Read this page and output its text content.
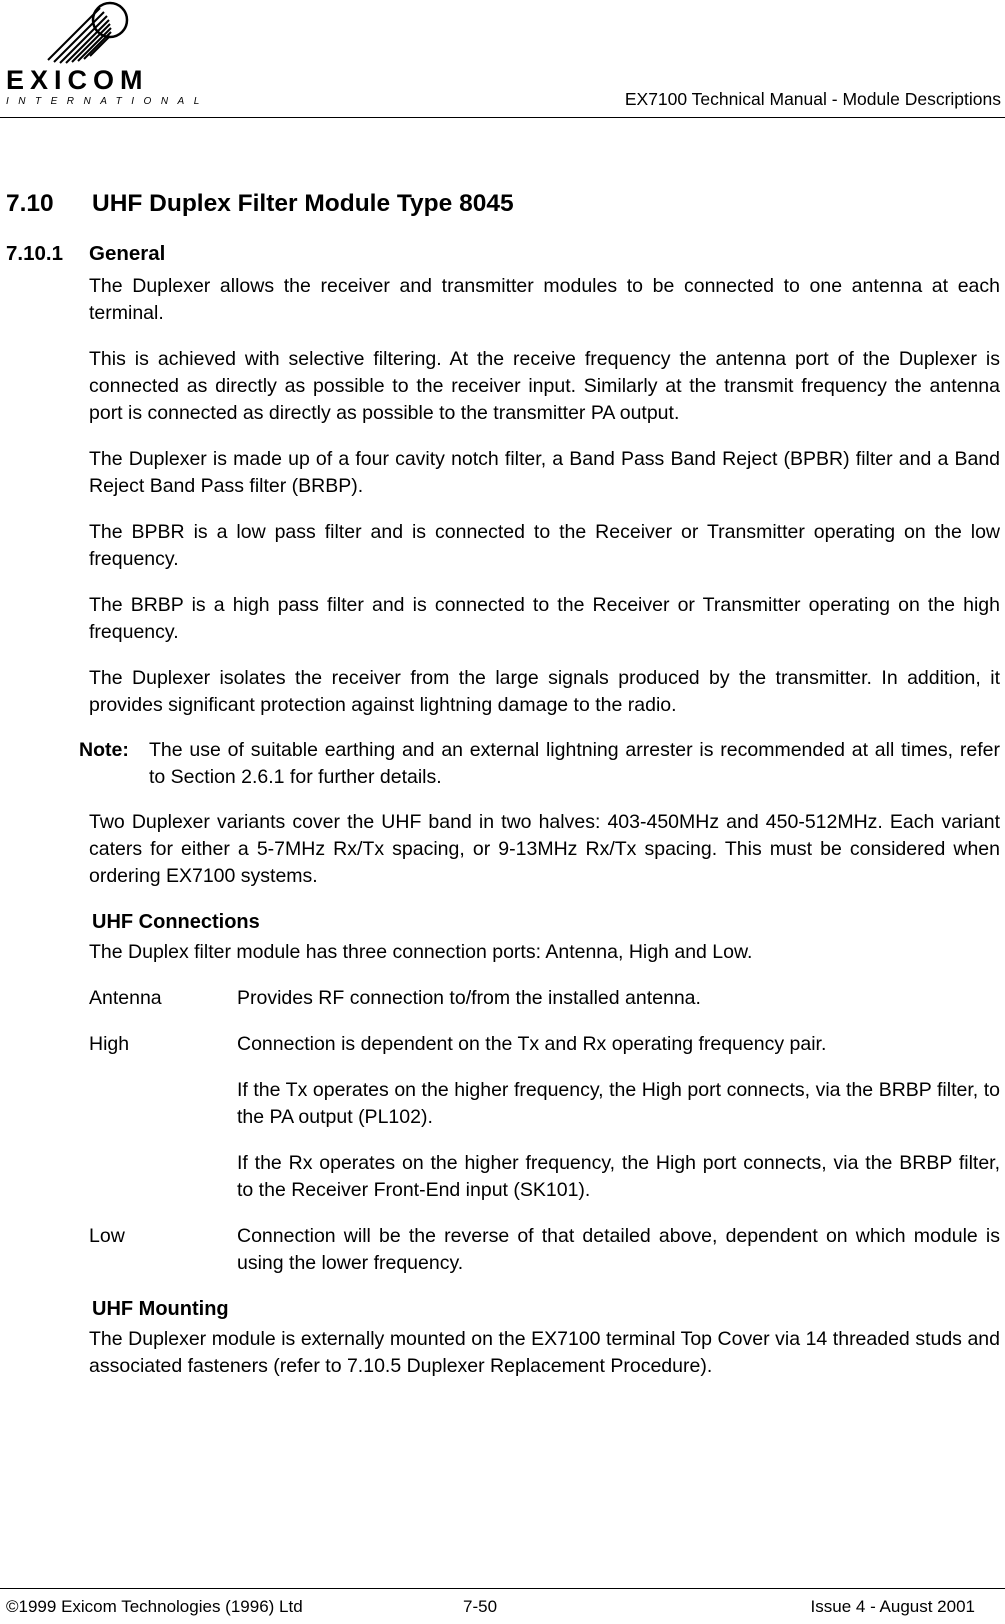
EXICOM
INTERNATIONAL	EX7100 Technical Manual - Module Descriptions
7.10 UHF Duplex Filter Module Type 8045
7.10.1 General

The Duplexer allows the receiver and transmitter modules to be connected to one antenna at each terminal.

This is achieved with selective filtering. At the receive frequency the antenna port of the Duplexer is connected as directly as possible to the receiver input. Similarly at the transmit frequency the antenna port is connected as directly as possible to the transmitter PA output.

The Duplexer is made up of a four cavity notch filter, a Band Pass Band Reject (BPBR) filter and a Band Reject Band Pass filter (BRBP).

The BPBR is a low pass filter and is connected to the Receiver or Transmitter operating on the low frequency.

The BRBP is a high pass filter and is connected to the Receiver or Transmitter operating on the high frequency.

The Duplexer isolates the receiver from the large signals produced by the transmitter. In addition, it provides significant protection against lightning damage to the radio.

Note:	The use of suitable earthing and an external lightning arrester is recommended at all times, refer to Section 2.6.1 for further details.

Two Duplexer variants cover the UHF band in two halves: 403-450MHz and 450-512MHz. Each variant caters for either a 5-7MHz Rx/Tx spacing, or 9-13MHz Rx/Tx spacing. This must be considered when ordering EX7100 systems.

UHF Connections

The Duplex filter module has three connection ports: Antenna, High and Low.

Antenna	Provides RF connection to/from the installed antenna.

High	Connection is dependent on the Tx and Rx operating frequency pair.

If the Tx operates on the higher frequency, the High port connects, via the BRBP filter, to the PA output (PL102).

If the Rx operates on the higher frequency, the High port connects, via the BRBP filter, to the Receiver Front-End input (SK101).

Low	Connection will be the reverse of that detailed above, dependent on which module is using the lower frequency.

UHF Mounting

The Duplexer module is externally mounted on the EX7100 terminal Top Cover via 14 threaded studs and associated fasteners (refer to 7.10.5 Duplexer Replacement Procedure).

©1999 Exicom Technologies (1996) Ltd	7-50	Issue 4 - August 2001
